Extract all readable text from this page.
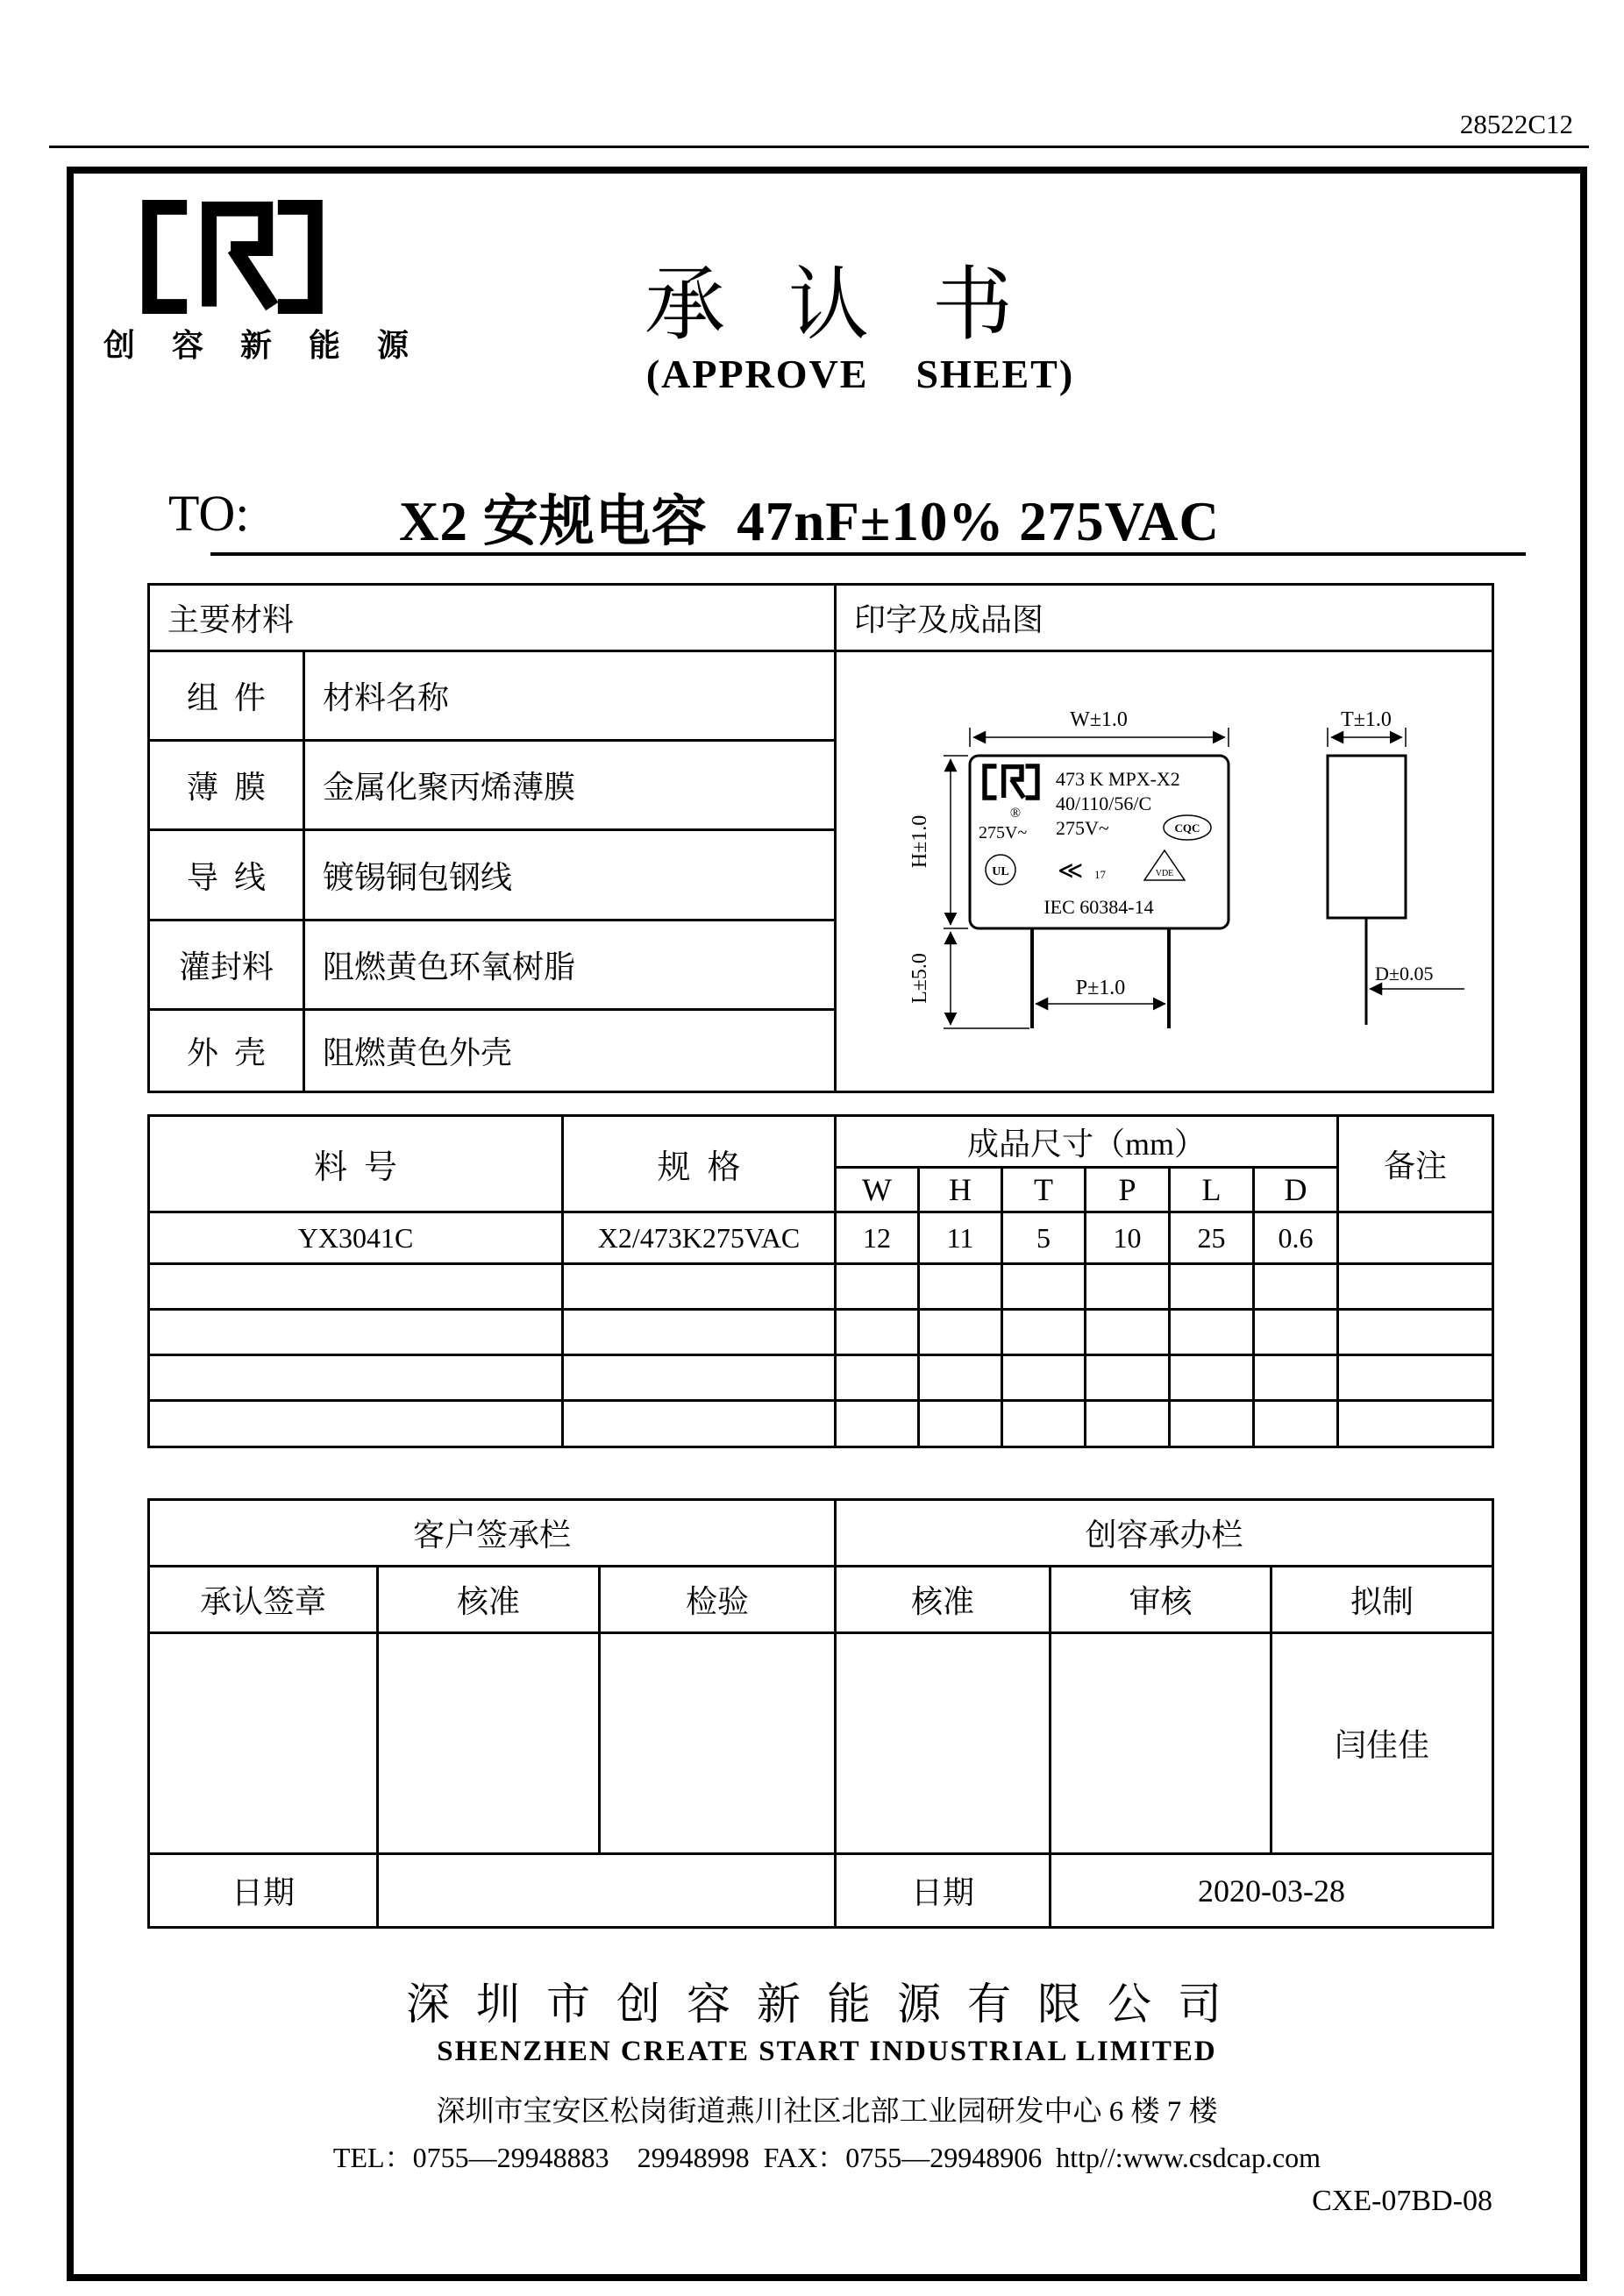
28522C12
创 容 新 能 源	承认书
(APPROVE    SHEET)
TO:	X2 安规电容  47nF±10% 275VAC
主要材料		印字及成品图
组  件	材料名称	
W±1.0
H±1.0
L±5.0	P±1.0
®
473 K MPX-X2
40/110/56/C
275V~	CQC
275V~
UL ≪ 17	VDE
IEC 60384-14
T±1.0
D±0.05

薄  膜	金属化聚丙烯薄膜	
导  线	镀锡铜包钢线	
灌封料	阻燃黄色环氧树脂	
外  壳	阻燃黄色外壳	
料  号	规  格	成品尺寸（mm）						备注
		W	H	T	P	L	D	
YX3041C	X2/473K275VAC	12	11	5	10	25	0.6	

客户签承栏			创容承办栏		
承认签章	核准	检验	核准	审核	拟制
					闫佳佳
日期			日期	2020-03-28	
深圳市创容新能源有限公司
SHENZHEN CREATE START INDUSTRIAL LIMITED
深圳市宝安区松岗街道燕川社区北部工业园研发中心 6 楼 7 楼
TEL：0755—29948883    29948998  FAX：0755—29948906  http//:www.csdcap.com
CXE-07BD-08
